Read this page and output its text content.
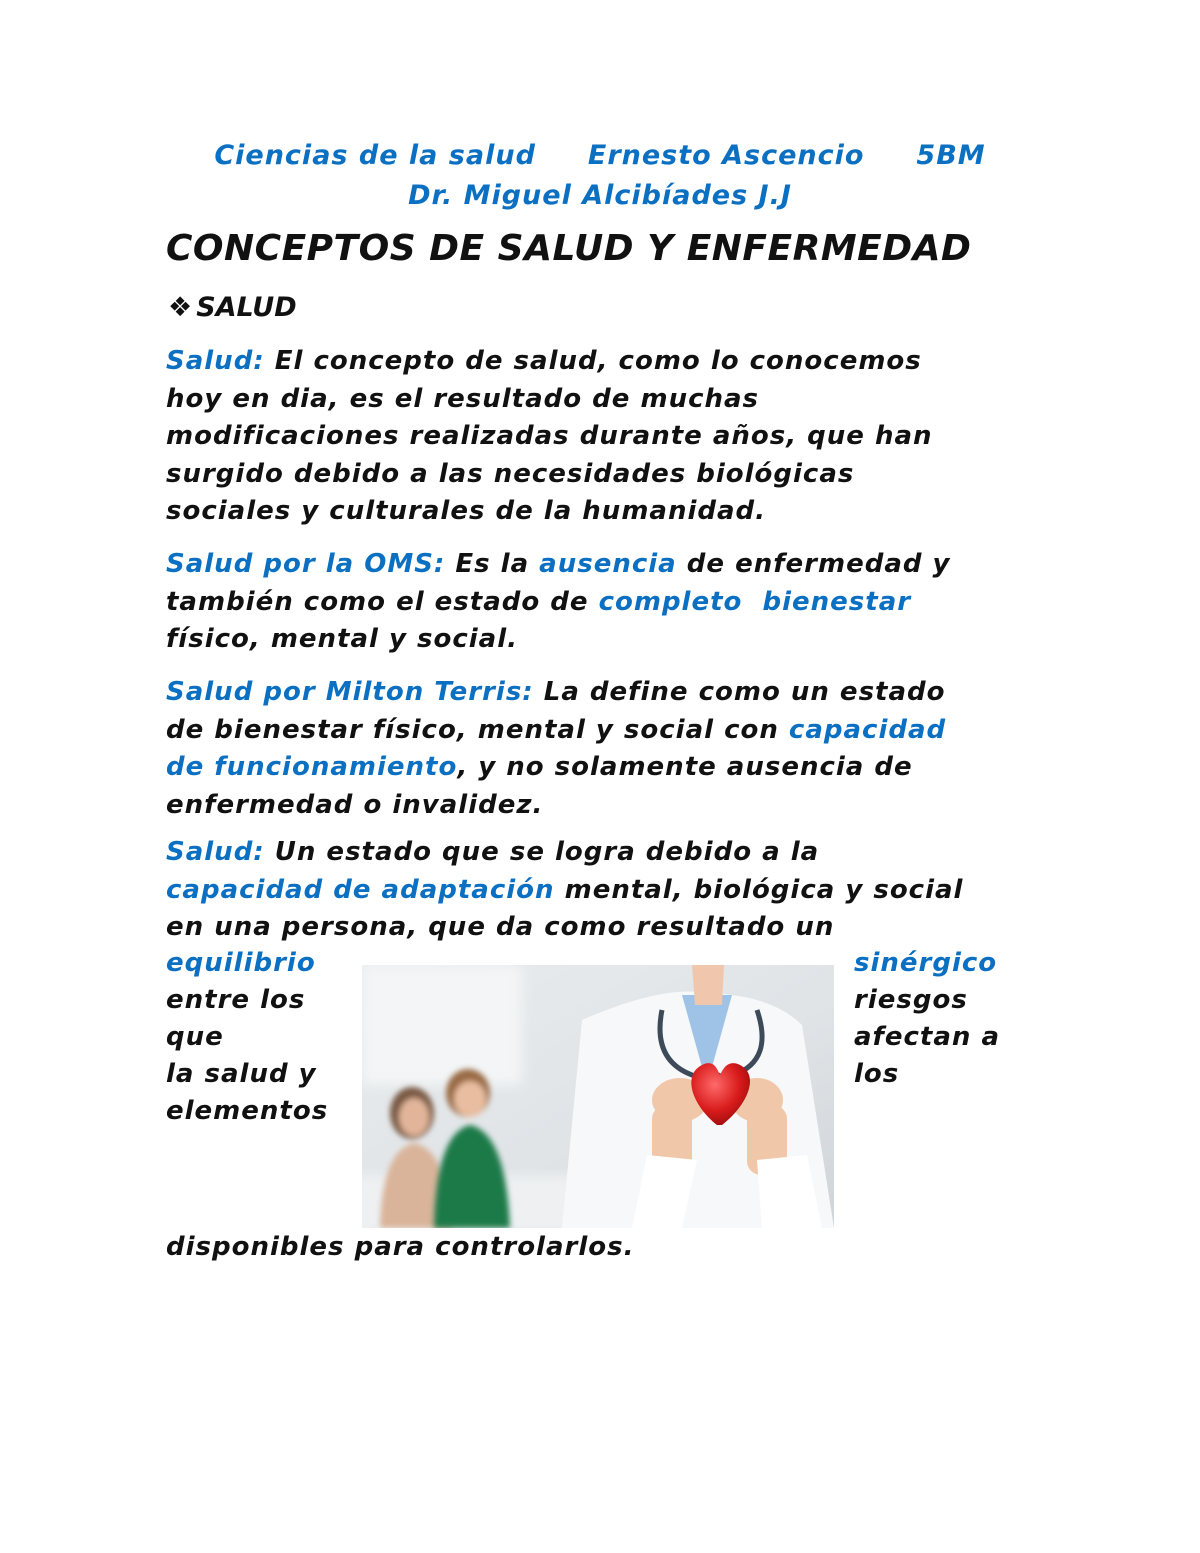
Ciencias de la salud     Ernesto Ascencio     5BM
Dr. Miguel Alcibíades J.J
CONCEPTOS DE SALUD Y ENFERMEDAD
❖ SALUD
Salud: El concepto de salud, como lo conocemos
hoy en dia, es el resultado de muchas
modificaciones realizadas durante años, que han
surgido debido a las necesidades biológicas
sociales y culturales de la humanidad.
Salud por la OMS: Es la ausencia de enfermedad y
también como el estado de completo  bienestar
físico, mental y social.
Salud por Milton Terris: La define como un estado
de bienestar físico, mental y social con capacidad
de funcionamiento, y no solamente ausencia de
enfermedad o invalidez.
Salud: Un estado que se logra debido a la
capacidad de adaptación mental, biológica y social
en una persona, que da como resultado un
equilibrio
entre los
que
la salud y
elementos
sinérgico
riesgos
afectan a
los
disponibles para controlarlos.
